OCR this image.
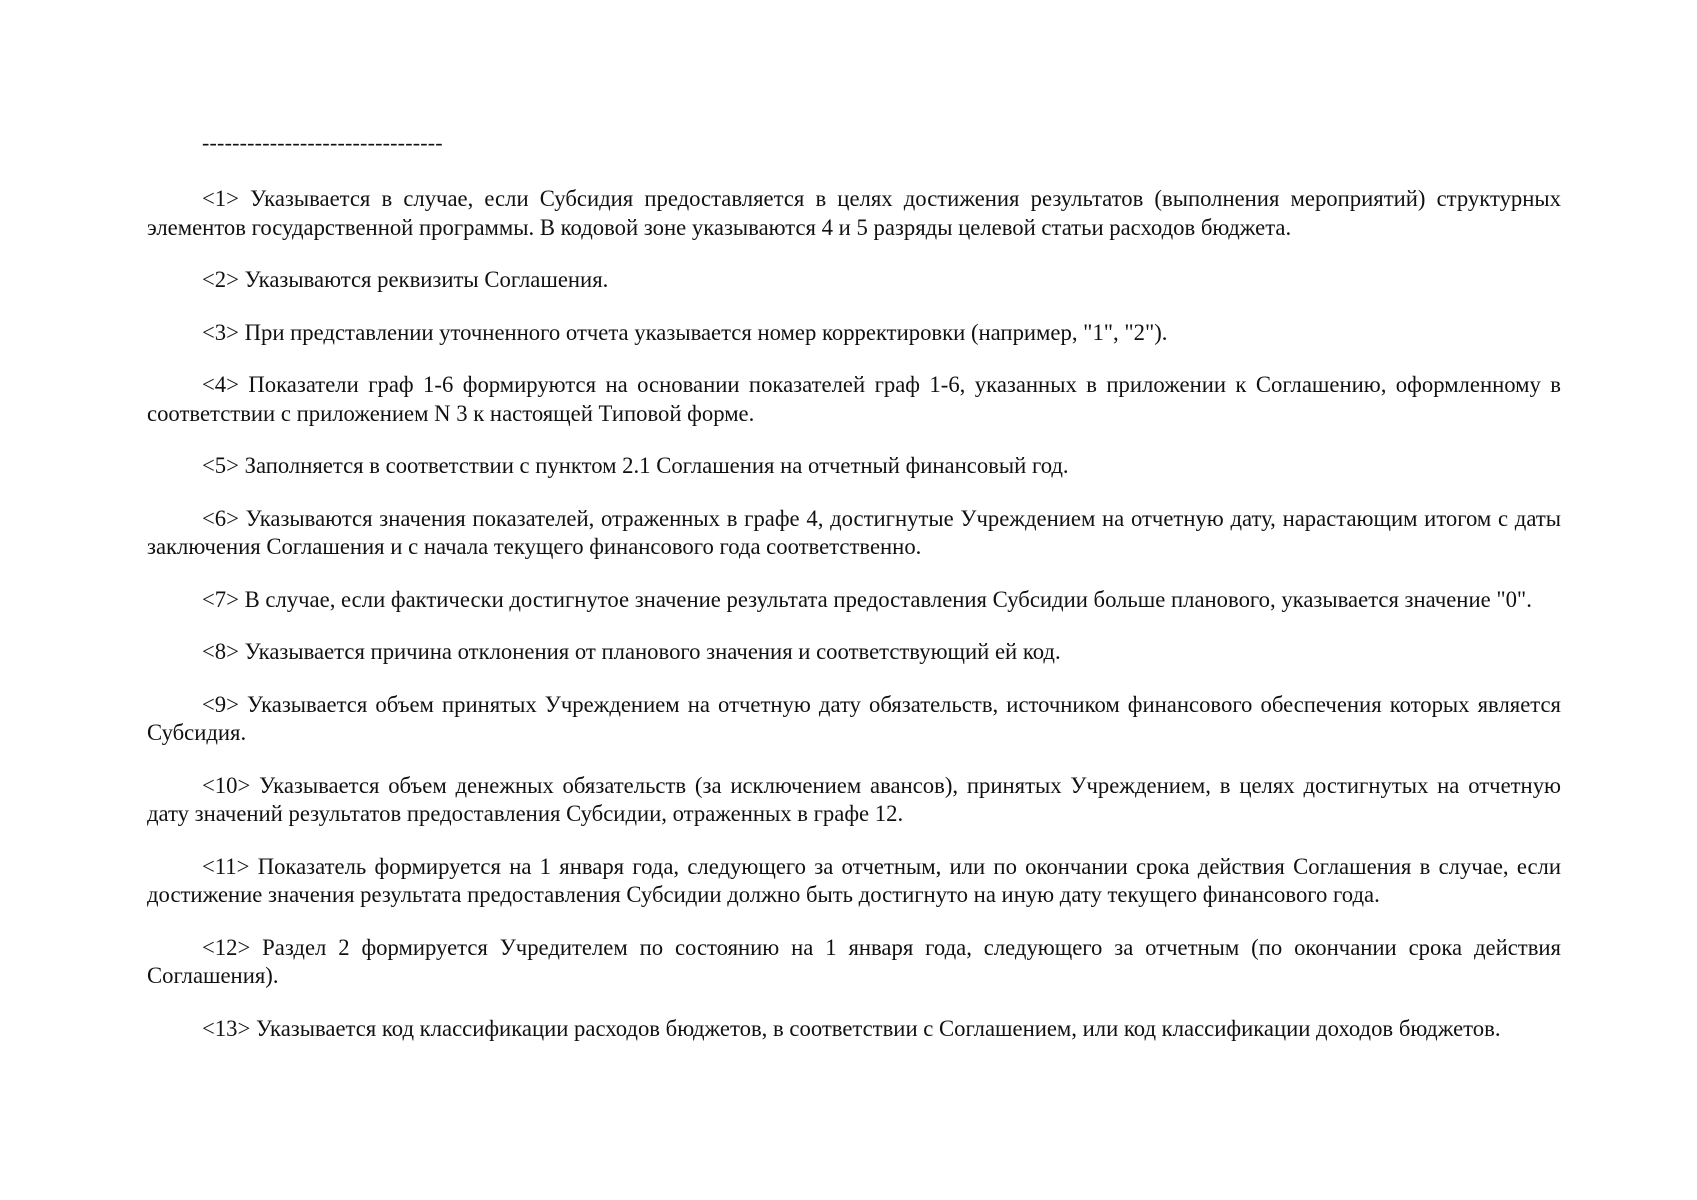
--------------------------------

<1> Указывается в случае, если Субсидия предоставляется в целях достижения результатов (выполнения мероприятий) структурных элементов государственной программы. В кодовой зоне указываются 4 и 5 разряды целевой статьи расходов бюджета.

<2> Указываются реквизиты Соглашения.

<3> При представлении уточненного отчета указывается номер корректировки (например, "1", "2").

<4> Показатели граф 1-6 формируются на основании показателей граф 1-6, указанных в приложении к Соглашению, оформленному в соответствии с приложением N 3 к настоящей Типовой форме.

<5> Заполняется в соответствии с пунктом 2.1 Соглашения на отчетный финансовый год.

<6> Указываются значения показателей, отраженных в графе 4, достигнутые Учреждением на отчетную дату, нарастающим итогом с даты заключения Соглашения и с начала текущего финансового года соответственно.

<7> В случае, если фактически достигнутое значение результата предоставления Субсидии больше планового, указывается значение "0".

<8> Указывается причина отклонения от планового значения и соответствующий ей код.

<9> Указывается объем принятых Учреждением на отчетную дату обязательств, источником финансового обеспечения которых является Субсидия.

<10> Указывается объем денежных обязательств (за исключением авансов), принятых Учреждением, в целях достигнутых на отчетную дату значений результатов предоставления Субсидии, отраженных в графе 12.

<11> Показатель формируется на 1 января года, следующего за отчетным, или по окончании срока действия Соглашения в случае, если достижение значения результата предоставления Субсидии должно быть достигнуто на иную дату текущего финансового года.

<12> Раздел 2 формируется Учредителем по состоянию на 1 января года, следующего за отчетным (по окончании срока действия Соглашения).

<13> Указывается код классификации расходов бюджетов, в соответствии с Соглашением, или код классификации доходов бюджетов.
